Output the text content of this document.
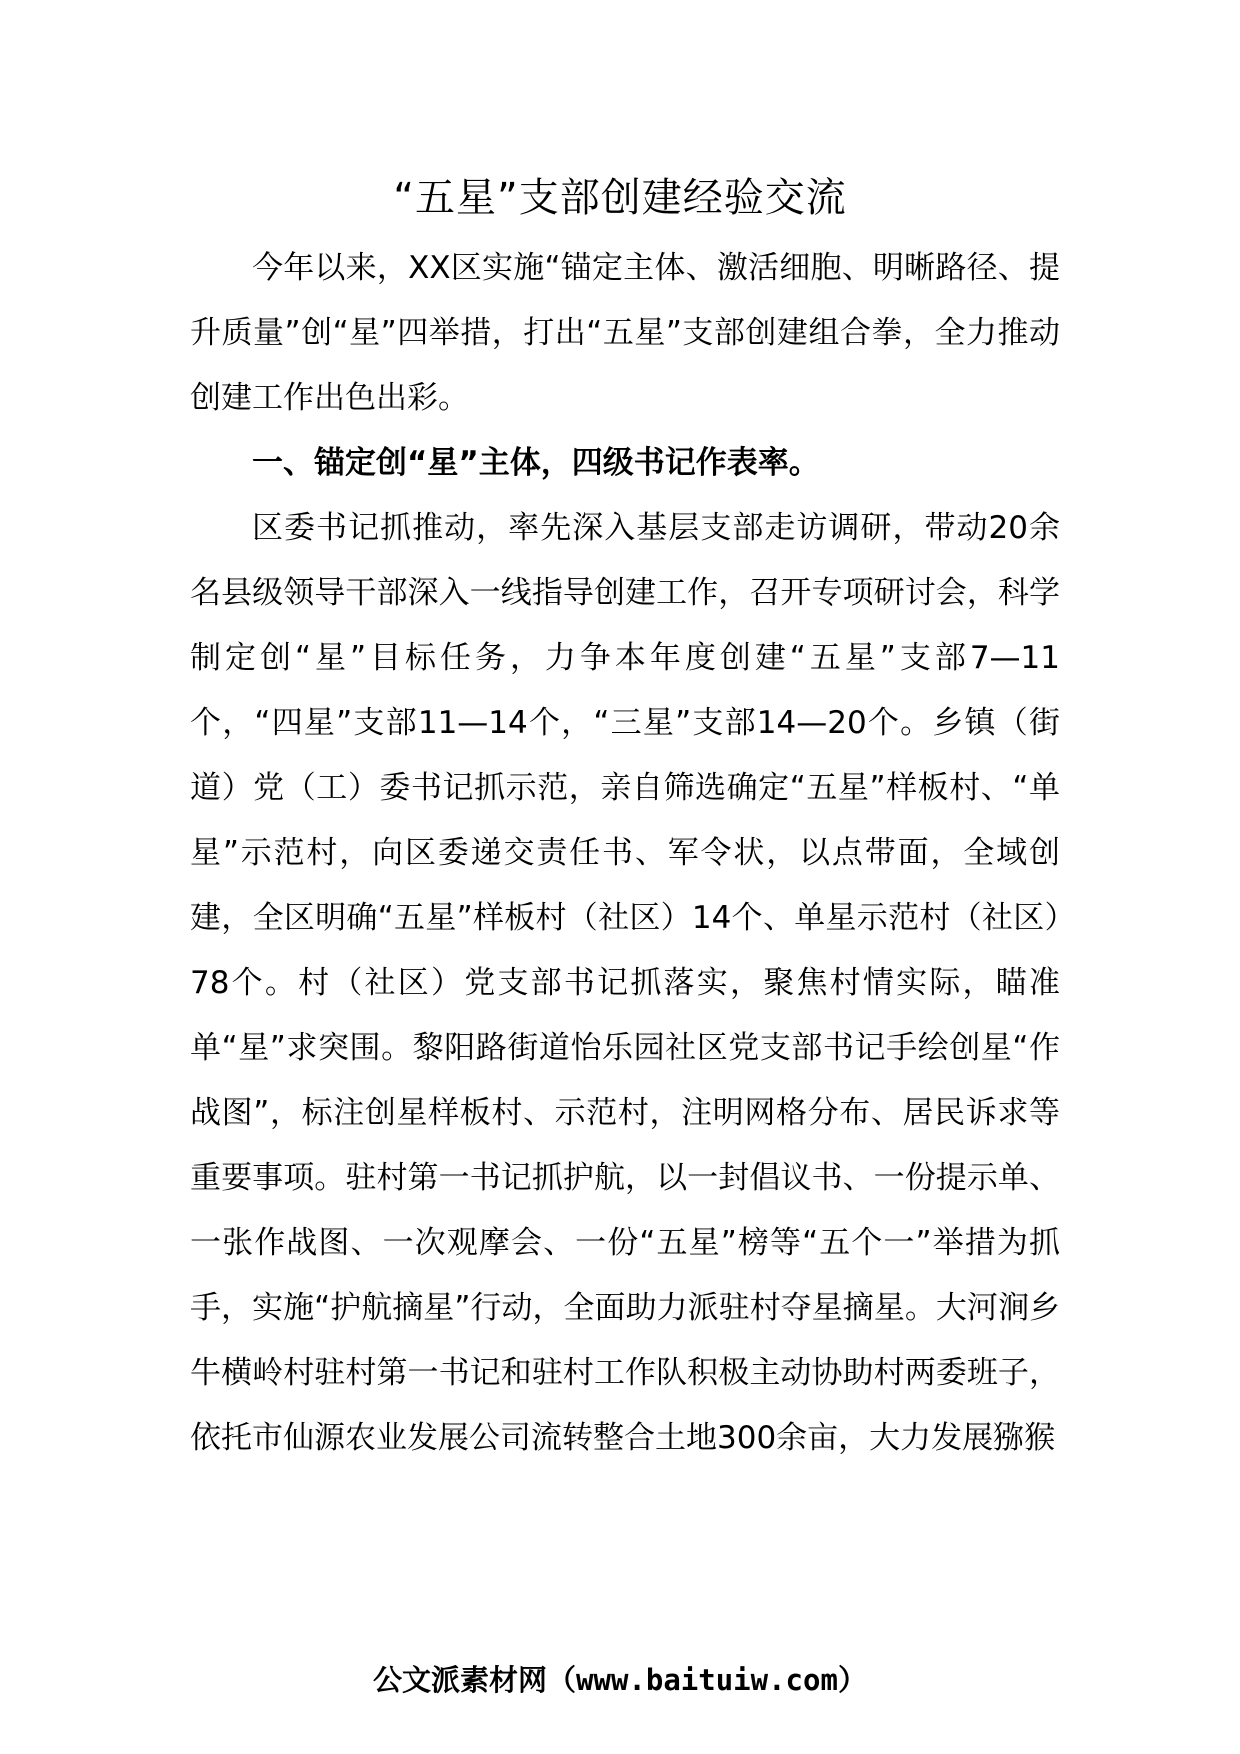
“五星”支部创建经验交流

今年以来，XX区实施“锚定主体、激活细胞、明晰路径、提升质量”创“星”四举措，打出“五星”支部创建组合拳，全力推动创建工作出色出彩。

一、锚定创“星”主体，四级书记作表率。

区委书记抓推动，率先深入基层支部走访调研，带动20余名县级领导干部深入一线指导创建工作，召开专项研讨会，科学制定创“星”目标任务，力争本年度创建“五星”支部7—11个，“四星”支部11—14个，“三星”支部14—20个。乡镇（街道）党（工）委书记抓示范，亲自筛选确定“五星”样板村、“单星”示范村，向区委递交责任书、军令状，以点带面，全域创建，全区明确“五星”样板村（社区）14个、单星示范村（社区）78个。村（社区）党支部书记抓落实，聚焦村情实际，瞄准单“星”求突围。黎阳路街道怡乐园社区党支部书记手绘创星“作战图”，标注创星样板村、示范村，注明网格分布、居民诉求等重要事项。驻村第一书记抓护航，以一封倡议书、一份提示单、一张作战图、一次观摩会、一份“五星”榜等“五个一”举措为抓手，实施“护航摘星”行动，全面助力派驻村夺星摘星。大河涧乡牛横岭村驻村第一书记和驻村工作队积极主动协助村两委班子，依托市仙源农业发展公司流转整合土地300余亩，大力发展猕猴

公文派素材网（www.baituiw.com）
